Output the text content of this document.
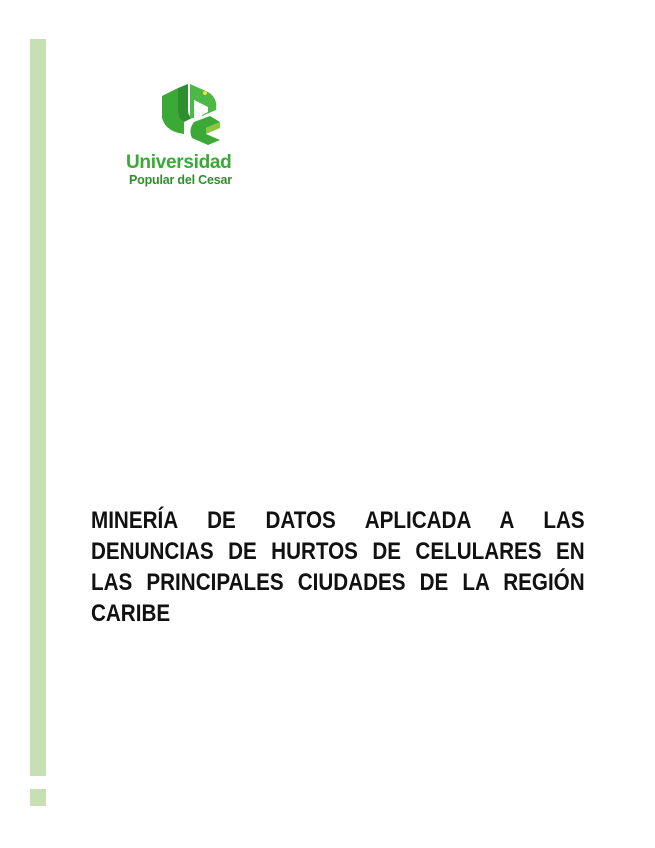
Universidad
Popular del Cesar

MINERÍA DE DATOS APLICADA A LAS DENUNCIAS DE HURTOS DE CELULARES EN LAS PRINCIPALES CIUDADES DE LA REGIÓN CARIBE
